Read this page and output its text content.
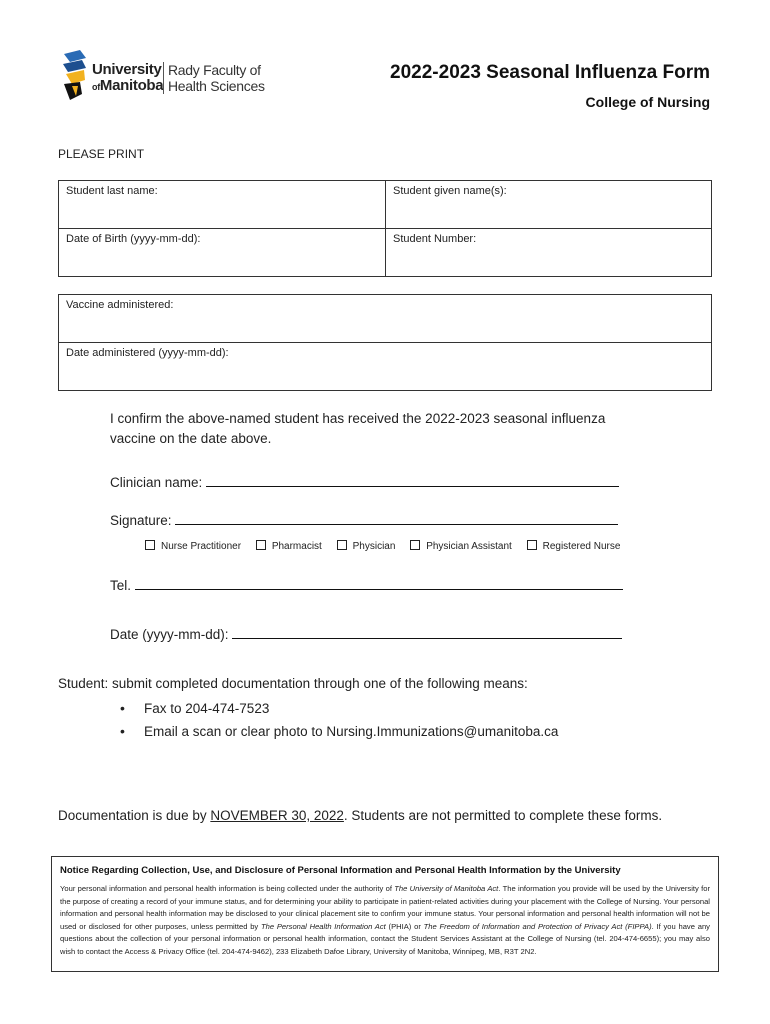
University
ofManitoba
Rady Faculty of
Health Sciences
2022-2023 Seasonal Influenza Form
College of Nursing
PLEASE PRINT
Student last name:	Student given name(s):
Date of Birth (yyyy-mm-dd):	Student Number:
Vaccine administered:
Date administered (yyyy-mm-dd):
I confirm the above-named student has received the 2022-2023 seasonal influenza vaccine on the date above.
Clinician name:
Signature:
Nurse Practitioner	Pharmacist	Physician	Physician Assistant	Registered Nurse
Tel.
Date (yyyy-mm-dd):
Student: submit completed documentation through one of the following means:
• Fax to 204-474-7523
• Email a scan or clear photo to Nursing.Immunizations@umanitoba.ca
Documentation is due by NOVEMBER 30, 2022. Students are not permitted to complete these forms.
Notice Regarding Collection, Use, and Disclosure of Personal Information and Personal Health Information by the University
Your personal information and personal health information is being collected under the authority of The University of Manitoba Act. The information you provide will be used by the University for the purpose of creating a record of your immune status, and for determining your ability to participate in patient-related activities during your placement with the College of Nursing. Your personal information and personal health information may be disclosed to your clinical placement site to confirm your immune status. Your personal information and personal health information will not be used or disclosed for other purposes, unless permitted by The Personal Health Information Act (PHIA) or The Freedom of Information and Protection of Privacy Act (FIPPA). If you have any questions about the collection of your personal information or personal health information, contact the Student Services Assistant at the College of Nursing (tel. 204-474-6655); you may also wish to contact the Access & Privacy Office (tel. 204-474-9462), 233 Elizabeth Dafoe Library, University of Manitoba, Winnipeg, MB, R3T 2N2.
